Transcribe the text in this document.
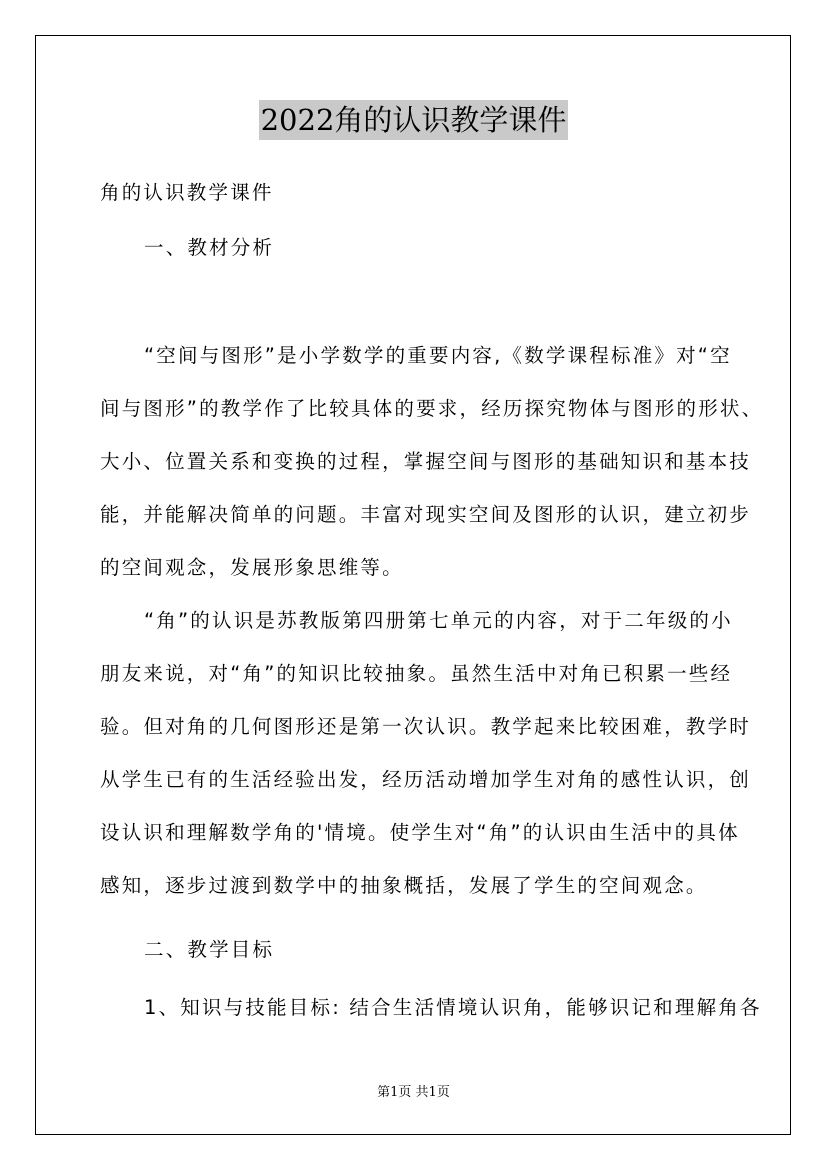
2022角的认识教学课件
角的认识教学课件
一、教材分析
“空间与图形”是小学数学的重要内容,《数学课程标准》对“空
间与图形”的教学作了比较具体的要求，经历探究物体与图形的形状、
大小、位置关系和变换的过程，掌握空间与图形的基础知识和基本技
能，并能解决简单的问题。丰富对现实空间及图形的认识，建立初步
的空间观念，发展形象思维等。
“角”的认识是苏教版第四册第七单元的内容，对于二年级的小
朋友来说，对“角”的知识比较抽象。虽然生活中对角已积累一些经
验。但对角的几何图形还是第一次认识。教学起来比较困难，教学时
从学生已有的生活经验出发，经历活动增加学生对角的感性认识，创
设认识和理解数学角的'情境。使学生对“角”的认识由生活中的具体
感知，逐步过渡到数学中的抽象概括，发展了学生的空间观念。
二、教学目标
1、知识与技能目标: 结合生活情境认识角，能够识记和理解角各
第1页 共1页
